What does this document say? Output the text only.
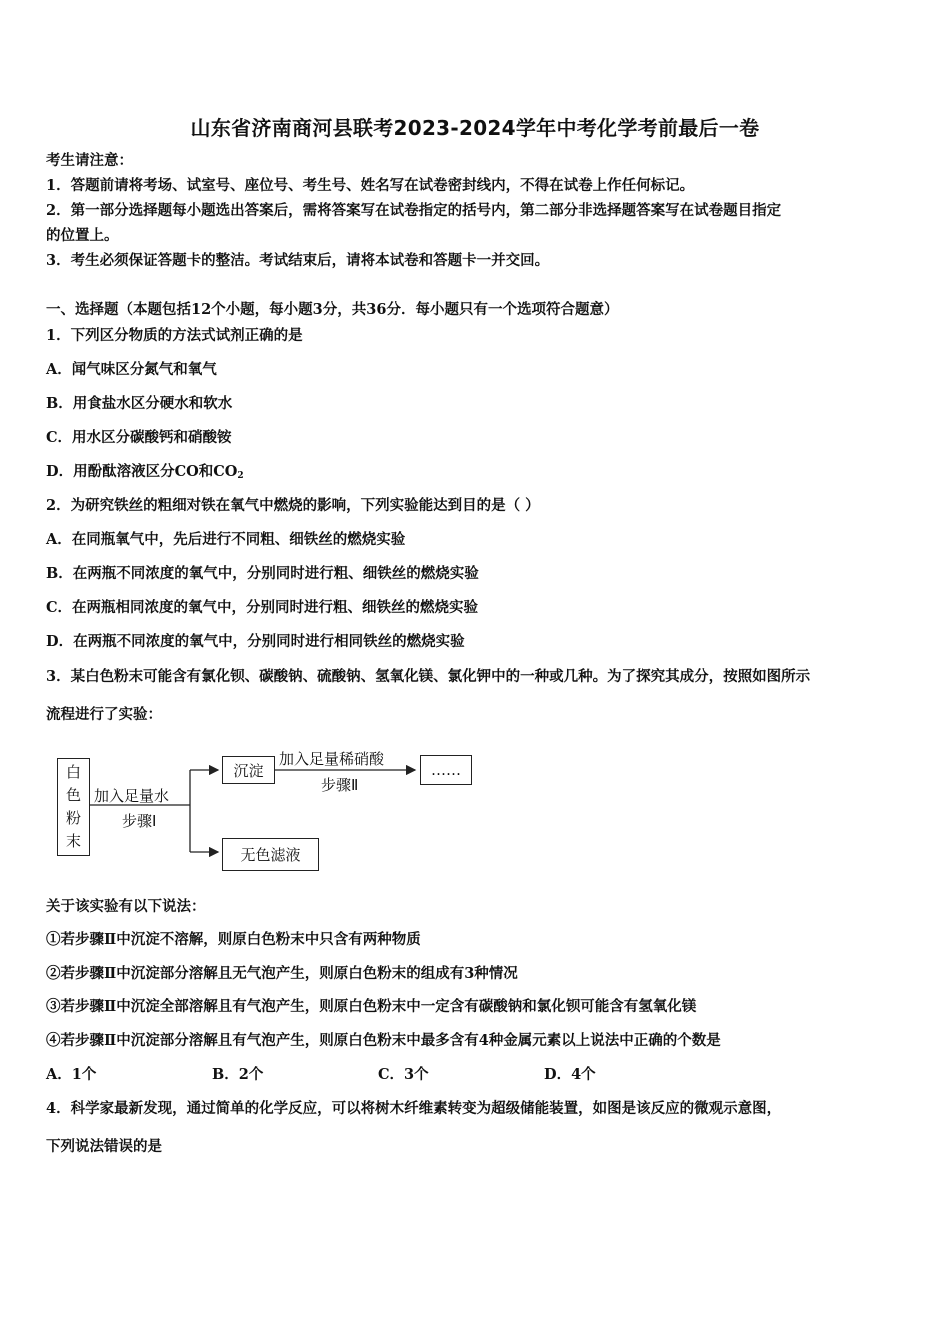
山东省济南商河县联考2023-2024学年中考化学考前最后一卷
考生请注意：
1．答题前请将考场、试室号、座位号、考生号、姓名写在试卷密封线内，不得在试卷上作任何标记。
2．第一部分选择题每小题选出答案后，需将答案写在试卷指定的括号内，第二部分非选择题答案写在试卷题目指定
的位置上。
3．考生必须保证答题卡的整洁。考试结束后，请将本试卷和答题卡一并交回。
一、选择题（本题包括12个小题，每小题3分，共36分．每小题只有一个选项符合题意）
1．下列区分物质的方法式试剂正确的是
A．闻气味区分氮气和氧气
B．用食盐水区分硬水和软水
C．用水区分碳酸钙和硝酸铵
D．用酚酞溶液区分CO和$CO_2$
2．为研究铁丝的粗细对铁在氧气中燃烧的影响，下列实验能达到目的是（ ）
A．在同瓶氧气中，先后进行不同粗、细铁丝的燃烧实验
B．在两瓶不同浓度的氧气中，分别同时进行粗、细铁丝的燃烧实验
C．在两瓶相同浓度的氧气中，分别同时进行粗、细铁丝的燃烧实验
D．在两瓶不同浓度的氧气中，分别同时进行相同铁丝的燃烧实验
3．某白色粉末可能含有氯化钡、碳酸钠、硫酸钠、氢氧化镁、氯化钾中的一种或几种。为了探究其成分，按照如图所示
流程进行了实验：
白
色
粉
末
加入足量水
步骤Ⅰ
沉淀
加入足量稀硝酸
步骤Ⅱ
……
无色滤液
关于该实验有以下说法：
①若步骤Ⅱ中沉淀不溶解，则原白色粉末中只含有两种物质
②若步骤Ⅱ中沉淀部分溶解且无气泡产生，则原白色粉末的组成有3种情况
③若步骤Ⅱ中沉淀全部溶解且有气泡产生，则原白色粉末中一定含有碳酸钠和氯化钡可能含有氢氧化镁
④若步骤Ⅱ中沉淀部分溶解且有气泡产生，则原白色粉末中最多含有4种金属元素以上说法中正确的个数是
A．1个	B．2个	C．3个	D．4个
4．科学家最新发现，通过简单的化学反应，可以将树木纤维素转变为超级储能装置，如图是该反应的微观示意图，
下列说法错误的是
